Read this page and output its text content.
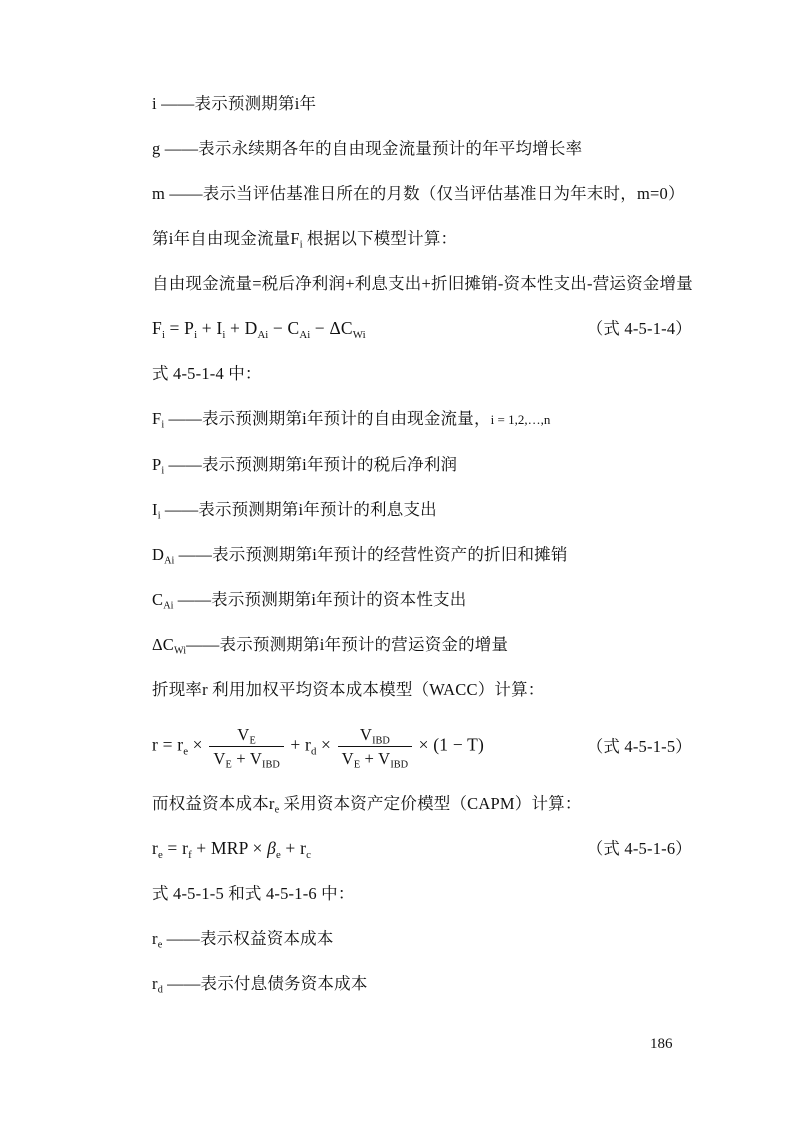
i ——表示预测期第i年

g ——表示永续期各年的自由现金流量预计的年平均增长率

m ——表示当评估基准日所在的月数（仅当评估基准日为年末时，m=0）

第i年自由现金流量$F_i$ 根据以下模型计算：

自由现金流量=税后净利润+利息支出+折旧摊销-资本性支出-营运资金增量

$F_i = P_i + I_i + D_{Ai} - C_{Ai} - \Delta C_{Wi}$	（式 4-5-1-4）

式 4-5-1-4 中：

$F_i$ ——表示预测期第i年预计的自由现金流量，i = 1,2,…,n

$P_i$ ——表示预测期第i年预计的税后净利润

$I_i$ ——表示预测期第i年预计的利息支出

$D_{Ai}$ ——表示预测期第i年预计的经营性资产的折旧和摊销

$C_{Ai}$ ——表示预测期第i年预计的资本性支出

$\Delta C_{Wi}——$表示预测期第i年预计的营运资金的增量

折现率r 利用加权平均资本成本模型（WACC）计算：

$r = r_e \times \frac{V_E}{V_E + V_{IBD}} + r_d \times \frac{V_{IBD}}{V_E + V_{IBD}} \times (1 - T)$	（式 4-5-1-5）

而权益资本成本$r_e$ 采用资本资产定价模型（CAPM）计算：

$r_e = r_f$ + MRP × $\beta_e + r_c$	（式 4-5-1-6）

式 4-5-1-5 和式 4-5-1-6 中：

$r_e$ ——表示权益资本成本

$r_d$ ——表示付息债务资本成本

186
